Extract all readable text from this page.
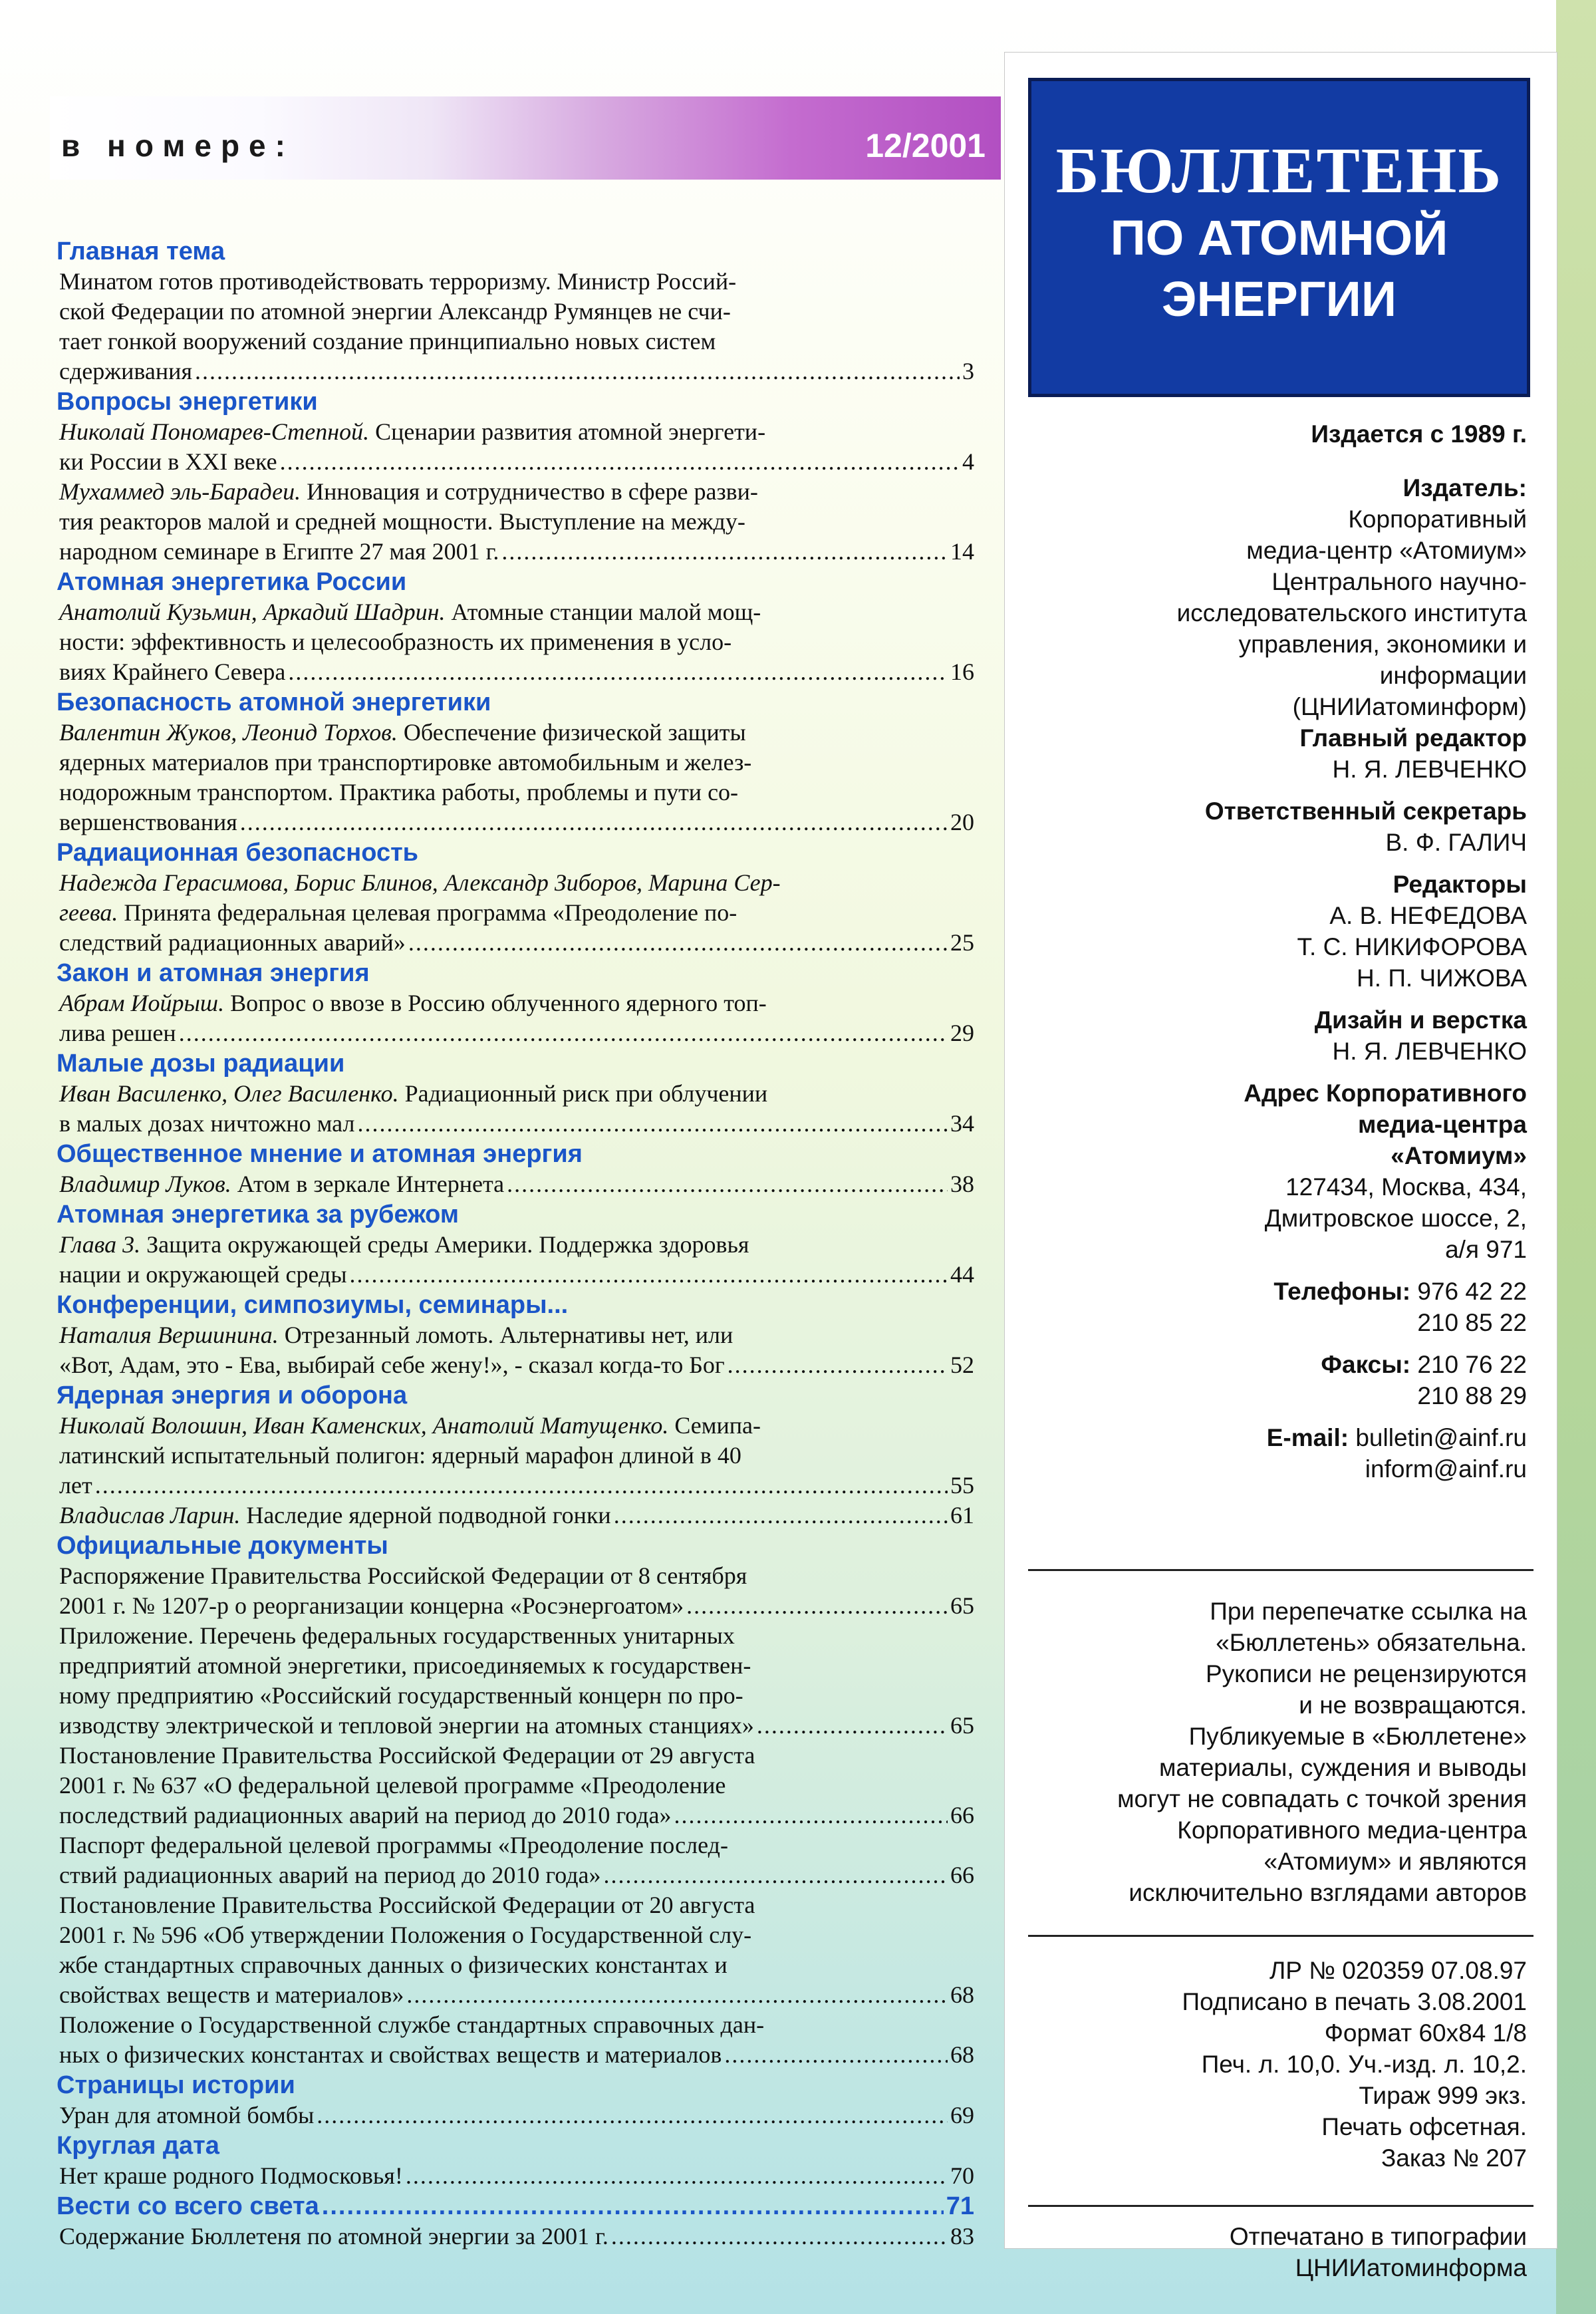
в номере:	12/2001
Главная тема
Минатом готов противодействовать терроризму. Министр Россий-
ской Федерации по атомной энергии Александр Румянцев не счи-
тает гонкой вооружений создание принципиально новых систем
сдерживания .....	3
Вопросы энергетики
Николай Пономарев-Степной. Сценарии развития атомной энергети-
ки России в XXI веке .....	4
Мухаммед эль-Барадеи. Инновация и сотрудничество в сфере разви-
тия реакторов малой и средней мощности. Выступление на между-
народном семинаре в Египте 27 мая 2001 г. .....	14
Атомная энергетика России
Анатолий Кузьмин, Аркадий Шадрин. Атомные станции малой мощ-
ности: эффективность и целесообразность их применения в усло-
виях Крайнего Севера .....	16
Безопасность атомной энергетики
Валентин Жуков, Леонид Торхов. Обеспечение физической защиты
ядерных материалов при транспортировке автомобильным и желез-
нодорожным транспортом. Практика работы, проблемы и пути со-
вершенствования .....	20
Радиационная безопасность
Надежда Герасимова, Борис Блинов, Александр Зиборов, Марина Сер-
геева. Принята федеральная целевая программа «Преодоление по-
следствий радиационных аварий» .....	25
Закон и атомная энергия
Абрам Иойрыш. Вопрос о ввозе в Россию облученного ядерного топ-
лива решен .....	29
Малые дозы радиации
Иван Василенко, Олег Василенко. Радиационный риск при облучении
в малых дозах ничтожно мал .....	34
Общественное мнение и атомная энергия
Владимир Луков. Атом в зеркале Интернета .....	38
Атомная энергетика за рубежом
Глава 3. Защита окружающей среды Америки. Поддержка здоровья
нации и окружающей среды .....	44
Конференции, симпозиумы, семинары...
Наталия Вершинина. Отрезанный ломоть. Альтернативы нет, или
«Вот, Адам, это - Ева, выбирай себе жену!», - сказал когда-то Бог .....	52
Ядерная энергия и оборона
Николай Волошин, Иван Каменских, Анатолий Матущенко. Семипа-
латинский испытательный полигон: ядерный марафон длиной в 40
лет .....	55
Владислав Ларин. Наследие ядерной подводной гонки .....	61
Официальные документы
Распоряжение Правительства Российской Федерации от 8 сентября
2001 г. № 1207-р о реорганизации концерна «Росэнергоатом» .....	65
Приложение. Перечень федеральных государственных унитарных
предприятий атомной энергетики, присоединяемых к государствен-
ному предприятию «Российский государственный концерн по про-
изводству электрической и тепловой энергии на атомных станциях» .....	65
Постановление Правительства Российской Федерации от 29 августа
2001 г. № 637 «О федеральной целевой программе «Преодоление
последствий радиационных аварий на период до 2010 года» .....	66
Паспорт федеральной целевой программы «Преодоление послед-
ствий радиационных аварий на период до 2010 года» .....	66
Постановление Правительства Российской Федерации от 20 августа
2001 г. № 596 «Об утверждении Положения о Государственной слу-
жбе стандартных справочных данных о физических константах и
свойствах веществ и материалов» .....	68
Положение о Государственной службе стандартных справочных дан-
ных о физических константах и свойствах веществ и материалов .....	68
Страницы истории
Уран для атомной бомбы .....	69
Круглая дата
Нет краше родного Подмосковья! .....	70
Вести со всего света .....	71
Содержание Бюллетеня по атомной энергии за 2001 г. .....	83
БЮЛЛЕТЕНЬ
ПО АТОМНОЙ
ЭНЕРГИИ
Издается с 1989 г.
Издатель:
Корпоративный
медиа-центр «Атомиум»
Центрального научно-
исследовательского института
управления, экономики и
информации
(ЦНИИатоминформ)
Главный редактор
Н. Я. ЛЕВЧЕНКО
Ответственный секретарь
В. Ф. ГАЛИЧ
Редакторы
А. В. НЕФЕДОВА
Т. С. НИКИФОРОВА
Н. П. ЧИЖОВА
Дизайн и верстка
Н. Я. ЛЕВЧЕНКО
Адрес Корпоративного
медиа-центра
«Атомиум»
127434, Москва, 434,
Дмитровское шоссе, 2,
а/я 971
Телефоны: 976 42 22
210 85 22
Факсы: 210 76 22
210 88 29
E-mail: bulletin@ainf.ru
inform@ainf.ru
При перепечатке ссылка на
«Бюллетень» обязательна.
Рукописи не рецензируются
и не возвращаются.
Публикуемые в «Бюллетене»
материалы, суждения и выводы
могут не совпадать с точкой зрения
Корпоративного медиа-центра
«Атомиум» и являются
исключительно взглядами авторов
ЛР № 020359 07.08.97
Подписано в печать 3.08.2001
Формат 60x84 1/8
Печ. л. 10,0. Уч.-изд. л. 10,2.
Тираж 999 экз.
Печать офсетная.
Заказ № 207
Отпечатано в типографии
ЦНИИатоминформа
